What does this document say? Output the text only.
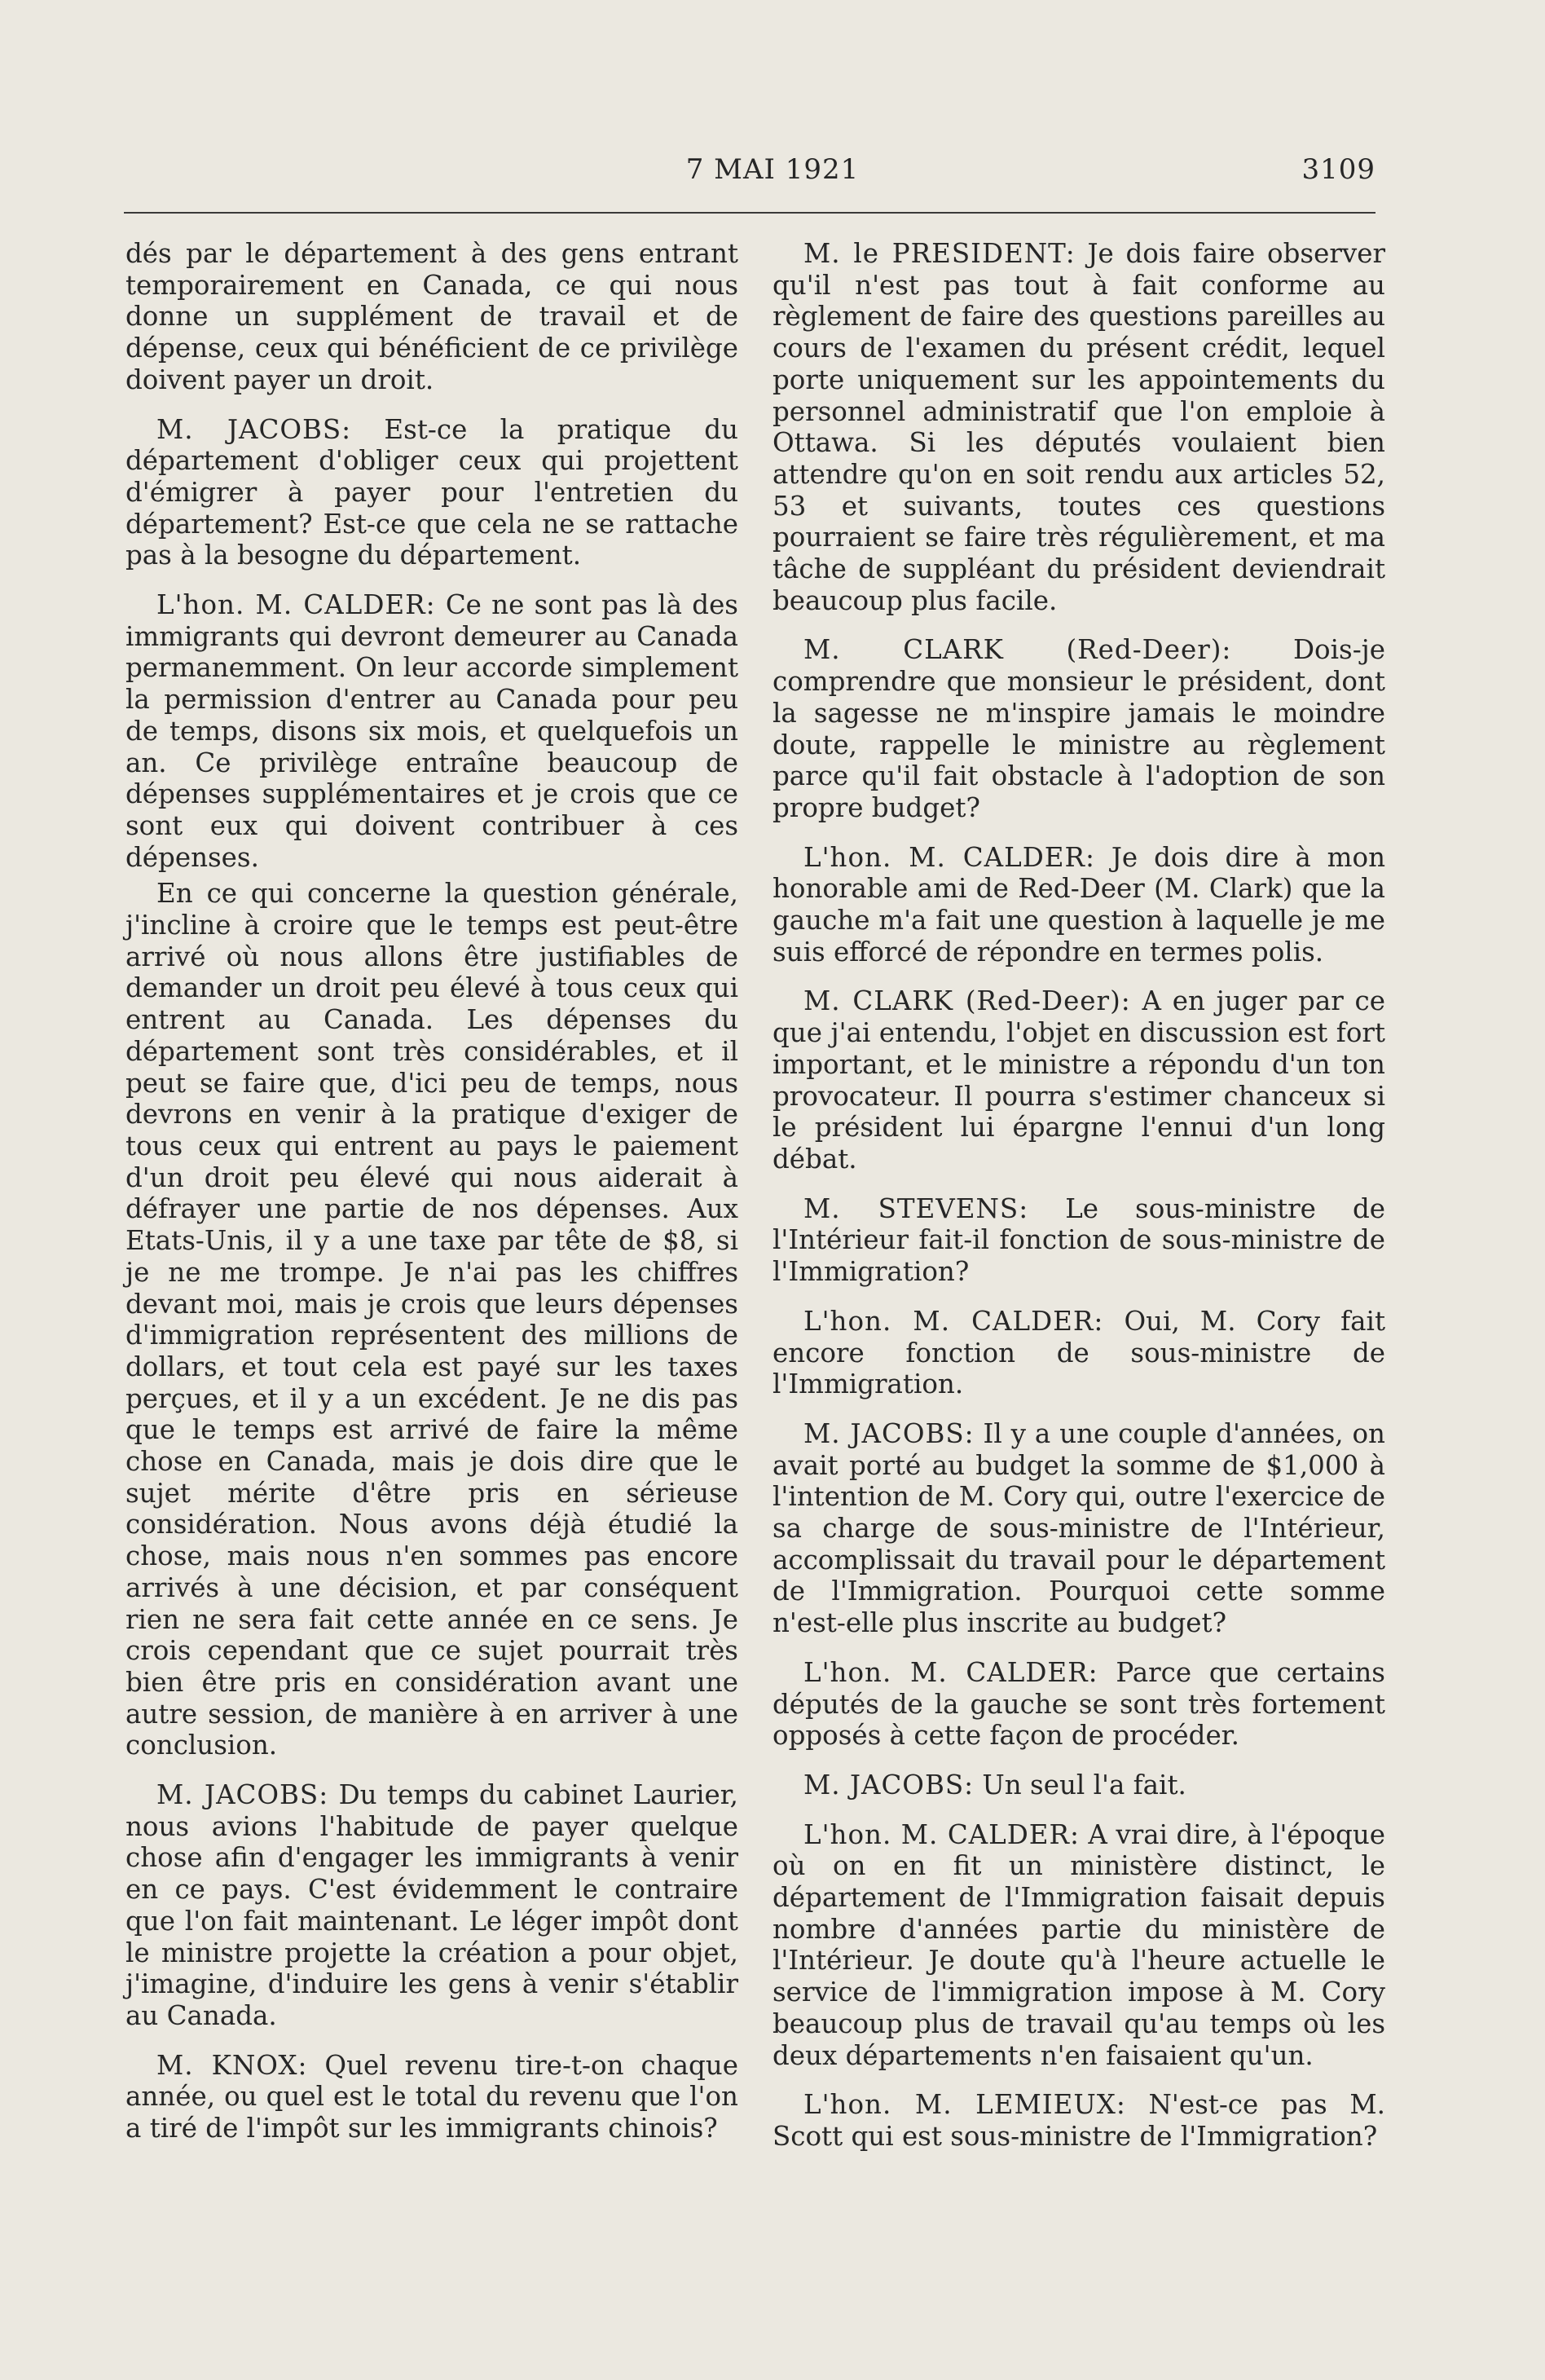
7 MAI 1921	3109

dés par le département à des gens entrant temporairement en Canada, ce qui nous donne un supplément de travail et de dépense, ceux qui bénéficient de ce privilège doivent payer un droit.

M. JACOBS: Est-ce la pratique du département d'obliger ceux qui projettent d'émigrer à payer pour l'entretien du département? Est-ce que cela ne se rattache pas à la besogne du département.

L'hon. M. CALDER: Ce ne sont pas là des immigrants qui devront demeurer au Canada permanemment. On leur accorde simplement la permission d'entrer au Canada pour peu de temps, disons six mois, et quelquefois un an. Ce privilège entraîne beaucoup de dépenses supplémentaires et je crois que ce sont eux qui doivent contribuer à ces dépenses.

En ce qui concerne la question générale, j'incline à croire que le temps est peut-être arrivé où nous allons être justifiables de demander un droit peu élevé à tous ceux qui entrent au Canada. Les dépenses du département sont très considérables, et il peut se faire que, d'ici peu de temps, nous devrons en venir à la pratique d'exiger de tous ceux qui entrent au pays le paiement d'un droit peu élevé qui nous aiderait à défrayer une partie de nos dépenses. Aux Etats-Unis, il y a une taxe par tête de $8, si je ne me trompe. Je n'ai pas les chiffres devant moi, mais je crois que leurs dépenses d'immigration représentent des millions de dollars, et tout cela est payé sur les taxes perçues, et il y a un excédent. Je ne dis pas que le temps est arrivé de faire la même chose en Canada, mais je dois dire que le sujet mérite d'être pris en sérieuse considération. Nous avons déjà étudié la chose, mais nous n'en sommes pas encore arrivés à une décision, et par conséquent rien ne sera fait cette année en ce sens. Je crois cependant que ce sujet pourrait très bien être pris en considération avant une autre session, de manière à en arriver à une conclusion.

M. JACOBS: Du temps du cabinet Laurier, nous avions l'habitude de payer quelque chose afin d'engager les immigrants à venir en ce pays. C'est évidemment le contraire que l'on fait maintenant. Le léger impôt dont le ministre projette la création a pour objet, j'imagine, d'induire les gens à venir s'établir au Canada.

M. KNOX: Quel revenu tire-t-on chaque année, ou quel est le total du revenu que l'on a tiré de l'impôt sur les immigrants chinois?

M. le PRESIDENT: Je dois faire observer qu'il n'est pas tout à fait conforme au règlement de faire des questions pareilles au cours de l'examen du présent crédit, lequel porte uniquement sur les appointements du personnel administratif que l'on emploie à Ottawa. Si les députés voulaient bien attendre qu'on en soit rendu aux articles 52, 53 et suivants, toutes ces questions pourraient se faire très régulièrement, et ma tâche de suppléant du président deviendrait beaucoup plus facile.

M. CLARK (Red-Deer): Dois-je comprendre que monsieur le président, dont la sagesse ne m'inspire jamais le moindre doute, rappelle le ministre au règlement parce qu'il fait obstacle à l'adoption de son propre budget?

L'hon. M. CALDER: Je dois dire à mon honorable ami de Red-Deer (M. Clark) que la gauche m'a fait une question à laquelle je me suis efforcé de répondre en termes polis.

M. CLARK (Red-Deer): A en juger par ce que j'ai entendu, l'objet en discussion est fort important, et le ministre a répondu d'un ton provocateur. Il pourra s'estimer chanceux si le président lui épargne l'ennui d'un long débat.

M. STEVENS: Le sous-ministre de l'Intérieur fait-il fonction de sous-ministre de l'Immigration?

L'hon. M. CALDER: Oui, M. Cory fait encore fonction de sous-ministre de l'Immigration.

M. JACOBS: Il y a une couple d'années, on avait porté au budget la somme de $1,000 à l'intention de M. Cory qui, outre l'exercice de sa charge de sous-ministre de l'Intérieur, accomplissait du travail pour le département de l'Immigration. Pourquoi cette somme n'est-elle plus inscrite au budget?

L'hon. M. CALDER: Parce que certains députés de la gauche se sont très fortement opposés à cette façon de procéder.

M. JACOBS: Un seul l'a fait.

L'hon. M. CALDER: A vrai dire, à l'époque où on en fit un ministère distinct, le département de l'Immigration faisait depuis nombre d'années partie du ministère de l'Intérieur. Je doute qu'à l'heure actuelle le service de l'immigration impose à M. Cory beaucoup plus de travail qu'au temps où les deux départements n'en faisaient qu'un.

L'hon. M. LEMIEUX: N'est-ce pas M. Scott qui est sous-ministre de l'Immigration?
